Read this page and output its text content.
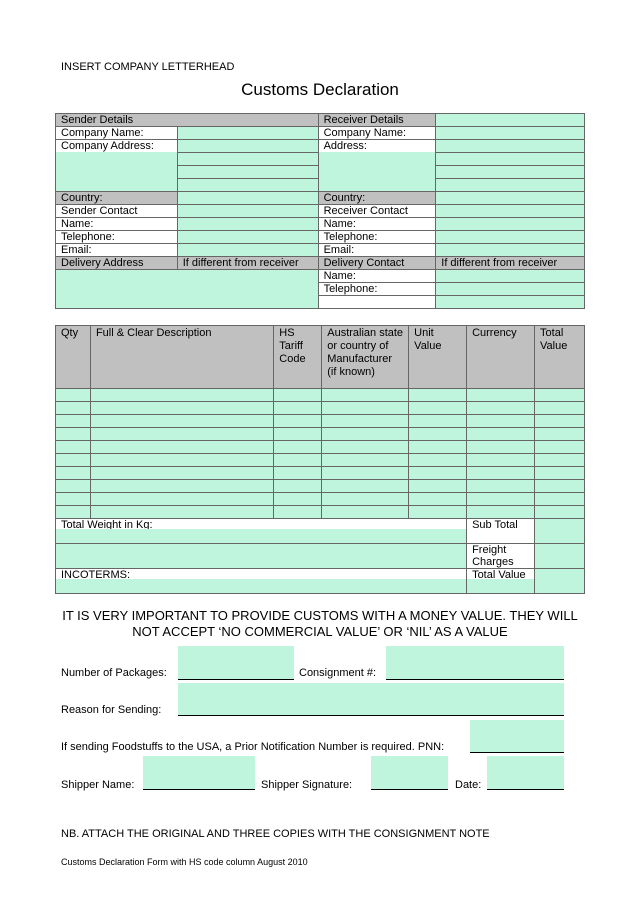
INSERT COMPANY LETTERHEAD
Customs Declaration
Sender Details		Receiver Details	
Company Name:		Company Name:	

Company Address:		Address:	

Country:		Country:	
Sender Contact		Receiver Contact	
Name:		Name:	
Telephone:		Telephone:	
Email:		Email:	
Delivery Address	If different from receiver	Delivery Contact	If different from receiver
		Name:	
		Telephone:	

Qty	Full & Clear Description	HS Tariff Code	Australian state or country of Manufacturer (if known)	Unit Value	Currency	Total Value

Total Weight in Kg:					Sub Total	
					Freight Charges	

INCOTERMS:					Total Value	

IT IS VERY IMPORTANT TO PROVIDE CUSTOMS WITH A MONEY VALUE. THEY WILL NOT ACCEPT ‘NO COMMERCIAL VALUE’ OR ‘NIL’ AS A VALUE
Number of Packages:	Consignment #:
Reason for Sending:
If sending Foodstuffs to the USA, a Prior Notification Number is required. PNN:
Shipper Name:	Shipper Signature:	Date:
NB. ATTACH THE ORIGINAL AND THREE COPIES WITH THE CONSIGNMENT NOTE
Customs Declaration Form with HS code column August 2010
